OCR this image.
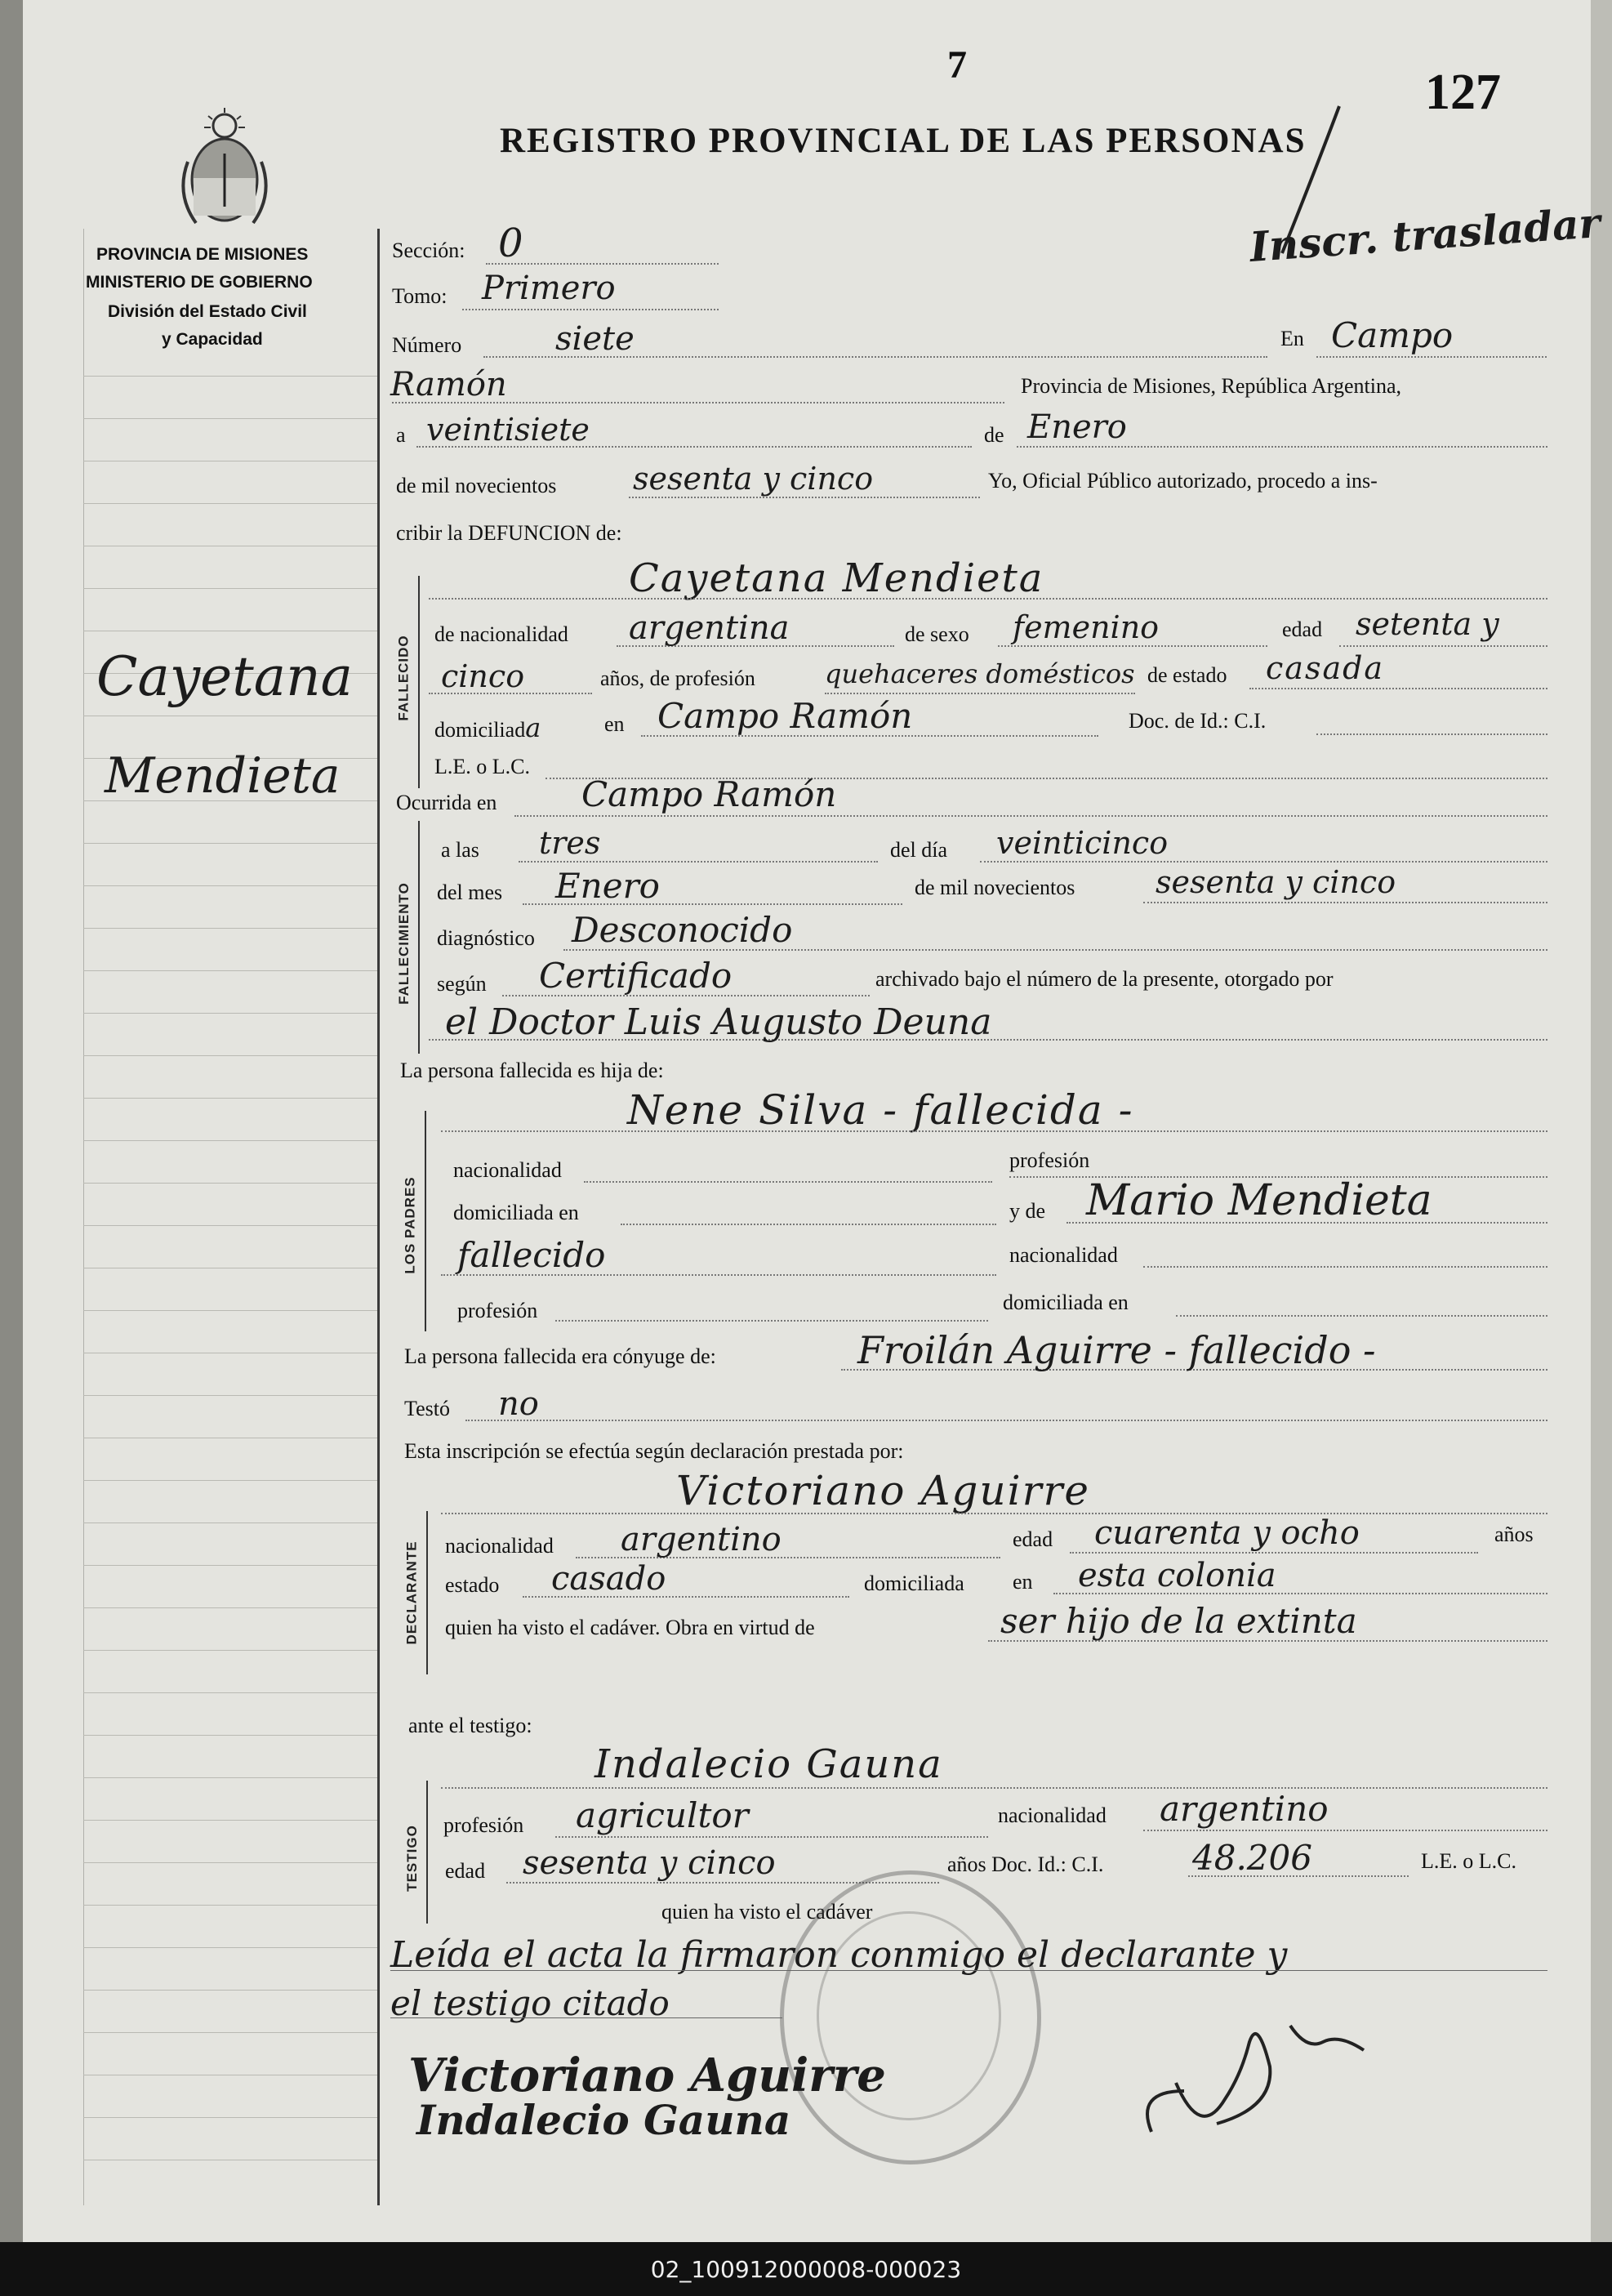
7	127
PROVINCIA DE MISIONES
MINISTERIO DE GOBIERNO
División del Estado Civil
y Capacidad
REGISTRO PROVINCIAL DE LAS PERSONAS
Inscr. trasladar
Cayetana
Mendieta
Sección: 0
Tomo: Primero
Número	siete	En Campo
Ramón	Provincia de Misiones, República Argentina,
a veintisiete	de Enero
de mil novecientos sesenta y cinco	Yo, Oficial Público autorizado, procedo a ins-
cribir la DEFUNCION de:
FALLECIDO
Cayetana Mendieta
de nacionalidad argentina	de sexo femenino	edad setenta y
cinco	años, de profesión	quehaceres domésticos de estado casada
domiciliada	en Campo Ramón	Doc. de Id.: C.I.
L.E. o L.C.
Ocurrida en Campo Ramón
FALLECIMIENTO
a las tres	del día veinticinco
del mes Enero	de mil novecientos	sesenta y cinco
diagnóstico Desconocido
según Certificado	archivado bajo el número de la presente, otorgado por
el Doctor Luis Augusto Deuna
La persona fallecida es hija de:
LOS PADRES
Nene Silva - fallecida -
nacionalidad	profesión
domiciliada en	y de Mario Mendieta
fallecido	nacionalidad
profesión	domiciliada en
La persona fallecida era cónyuge de:	Froilán Aguirre - fallecido -
Testó no
Esta inscripción se efectúa según declaración prestada por:
DECLARANTE
Victoriano Aguirre
nacionalidad argentino	edad cuarenta y ocho	años
estado casado	domiciliada en esta colonia
quien ha visto el cadáver. Obra en virtud de	ser hijo de la extinta
ante el testigo:
TESTIGO
Indalecio Gauna
profesión agricultor	nacionalidad argentino
edad sesenta y cinco	años Doc. Id.: C.I.	48.206	L.E. o L.C.
quien ha visto el cadáver
Leída el acta la firmaron conmigo el declarante y
el testigo citado
Victoriano Aguirre
Indalecio Gauna
02_100912000008-000023
